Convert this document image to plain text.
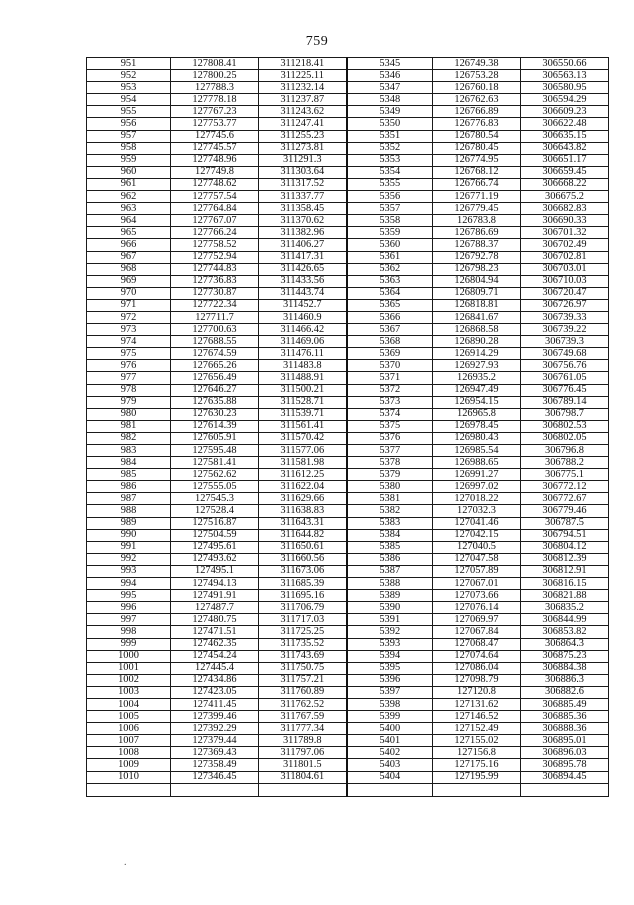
759
951	127808.41	311218.41	5345	126749.38	306550.66
952	127800.25	311225.11	5346	126753.28	306563.13
953	127788.3	311232.14	5347	126760.18	306580.95
954	127778.18	311237.87	5348	126762.63	306594.29
955	127767.23	311243.62	5349	126766.89	306609.23
956	127753.77	311247.41	5350	126776.83	306622.48
957	127745.6	311255.23	5351	126780.54	306635.15
958	127745.57	311273.81	5352	126780.45	306643.82
959	127748.96	311291.3	5353	126774.95	306651.17
960	127749.8	311303.64	5354	126768.12	306659.45
961	127748.62	311317.52	5355	126766.74	306668.22
962	127757.54	311337.77	5356	126771.19	306675.2
963	127764.84	311358.45	5357	126779.45	306682.83
964	127767.07	311370.62	5358	126783.8	306690.33
965	127766.24	311382.96	5359	126786.69	306701.32
966	127758.52	311406.27	5360	126788.37	306702.49
967	127752.94	311417.31	5361	126792.78	306702.81
968	127744.83	311426.65	5362	126798.23	306703.01
969	127736.83	311433.56	5363	126804.94	306710.03
970	127730.87	311443.74	5364	126809.71	306720.47
971	127722.34	311452.7	5365	126818.81	306726.97
972	127711.7	311460.9	5366	126841.67	306739.33
973	127700.63	311466.42	5367	126868.58	306739.22
974	127688.55	311469.06	5368	126890.28	306739.3
975	127674.59	311476.11	5369	126914.29	306749.68
976	127665.26	311483.8	5370	126927.93	306756.76
977	127656.49	311488.91	5371	126935.2	306761.05
978	127646.27	311500.21	5372	126947.49	306776.45
979	127635.88	311528.71	5373	126954.15	306789.14
980	127630.23	311539.71	5374	126965.8	306798.7
981	127614.39	311561.41	5375	126978.45	306802.53
982	127605.91	311570.42	5376	126980.43	306802.05
983	127595.48	311577.06	5377	126985.54	306796.8
984	127581.41	311581.98	5378	126988.65	306788.2
985	127562.62	311612.25	5379	126991.27	306775.1
986	127555.05	311622.04	5380	126997.02	306772.12
987	127545.3	311629.66	5381	127018.22	306772.67
988	127528.4	311638.83	5382	127032.3	306779.46
989	127516.87	311643.31	5383	127041.46	306787.5
990	127504.59	311644.82	5384	127042.15	306794.51
991	127495.61	311650.61	5385	127040.5	306804.12
992	127493.62	311660.56	5386	127047.58	306812.39
993	127495.1	311673.06	5387	127057.89	306812.91
994	127494.13	311685.39	5388	127067.01	306816.15
995	127491.91	311695.16	5389	127073.66	306821.88
996	127487.7	311706.79	5390	127076.14	306835.2
997	127480.75	311717.03	5391	127069.97	306844.99
998	127471.51	311725.25	5392	127067.84	306853.82
999	127462.35	311735.52	5393	127068.47	306864.3
1000	127454.24	311743.69	5394	127074.64	306875.23
1001	127445.4	311750.75	5395	127086.04	306884.38
1002	127434.86	311757.21	5396	127098.79	306886.3
1003	127423.05	311760.89	5397	127120.8	306882.6
1004	127411.45	311762.52	5398	127131.62	306885.49
1005	127399.46	311767.59	5399	127146.52	306885.36
1006	127392.29	311777.34	5400	127152.49	306888.36
1007	127379.44	311789.8	5401	127155.02	306895.01
1008	127369.43	311797.06	5402	127156.8	306896.03
1009	127358.49	311801.5	5403	127175.16	306895.78
1010	127346.45	311804.61	5404	127195.99	306894.45

.
